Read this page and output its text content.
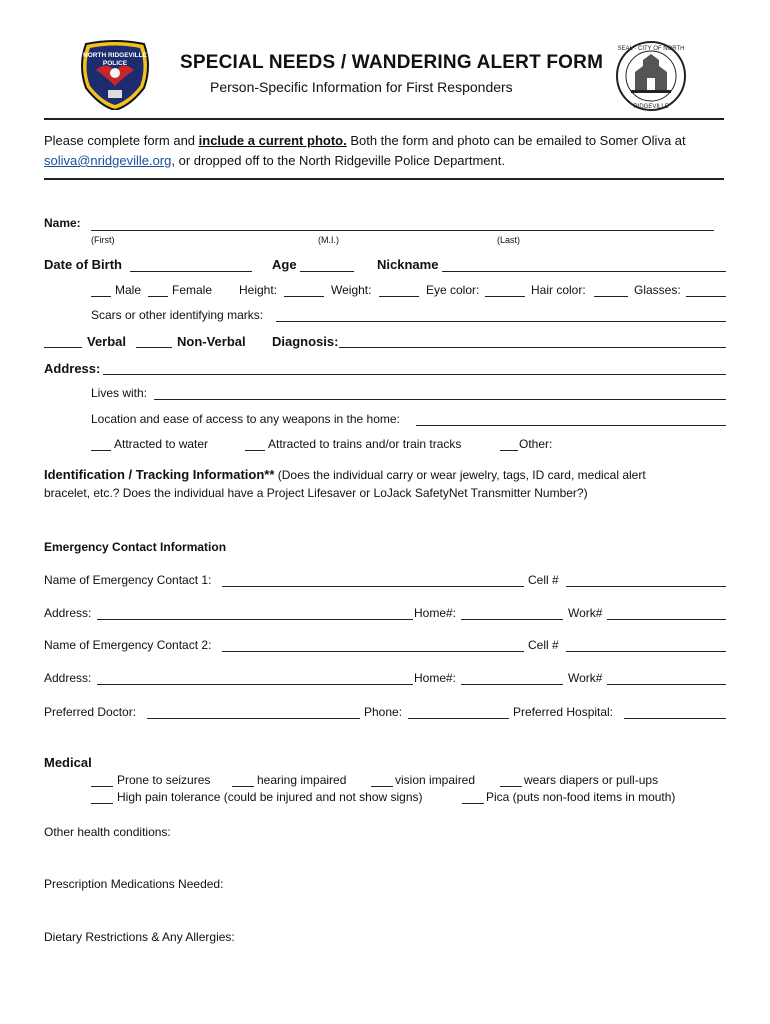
NORTH RIDGEVILLE
POLICE
SEAL · CITY OF NORTH
RIDGEVILLE
SPECIAL NEEDS / WANDERING ALERT FORM
Person-Specific Information for First Responders
Please complete form and include a current photo. Both the form and photo can be emailed to Somer Oliva at
soliva@nridgeville.org, or dropped off to the North Ridgeville Police Department.
Name:
(First)	(M.I.)	(Last)
Date of Birth	Age	Nickname
Male	Female Height:	Weight:	Eye color:	Hair color:	Glasses:
Scars or other identifying marks:
Verbal	Non-Verbal Diagnosis:
Address:
Lives with:
Location and ease of access to any weapons in the home:
Attracted to water	Attracted to trains and/or train tracks	Other:
Identification / Tracking Information** (Does the individual carry or wear jewelry, tags, ID card, medical alert
bracelet, etc.? Does the individual have a Project Lifesaver or LoJack SafetyNet Transmitter Number?)
Emergency Contact Information
Name of Emergency Contact 1:	Cell #
Address:	Home#:	Work#
Name of Emergency Contact 2:	Cell #
Address:	Home#:	Work#
Preferred Doctor:	Phone:	Preferred Hospital:
Medical
Prone to seizures	hearing impaired	vision impaired	wears diapers or pull-ups
High pain tolerance (could be injured and not show signs)	Pica (puts non-food items in mouth)
Other health conditions:
Prescription Medications Needed:
Dietary Restrictions & Any Allergies:
